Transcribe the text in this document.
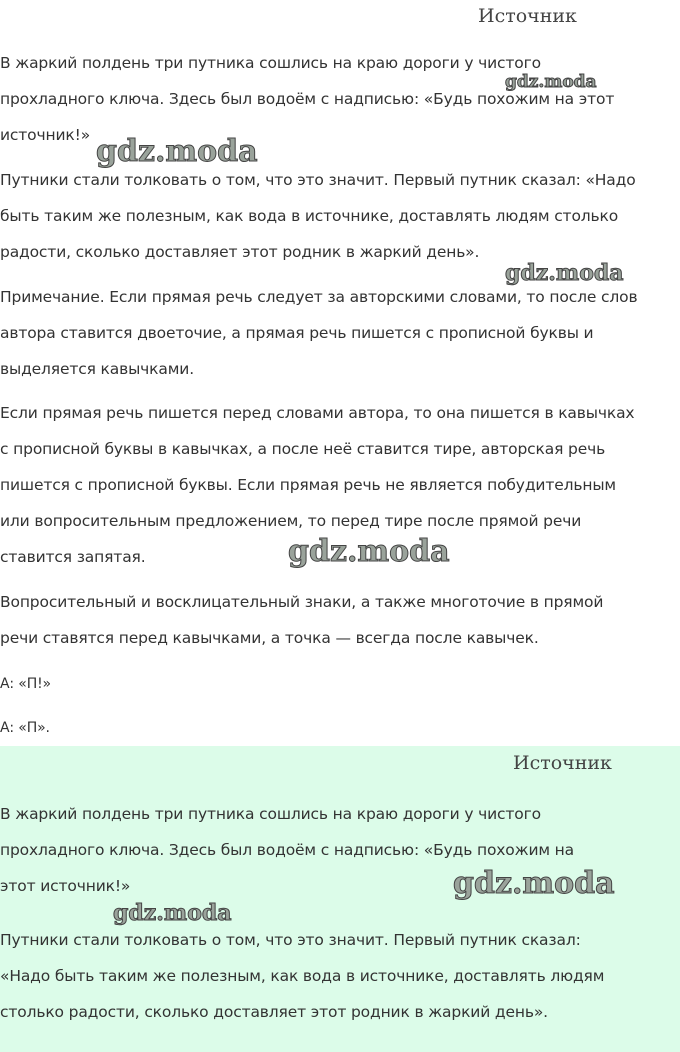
Источник

В жаркий полдень три путника сошлись на краю дороги у чистого
прохладного ключа. Здесь был водоём с надписью: «Будь похожим на этот
источник!»

Путники стали толковать о том, что это значит. Первый путник сказал: «Надо
быть таким же полезным, как вода в источнике, доставлять людям столько
радости, сколько доставляет этот родник в жаркий день».

Примечание. Если прямая речь следует за авторскими словами, то после слов
автора ставится двоеточие, а прямая речь пишется с прописной буквы и
выделяется кавычками.

Если прямая речь пишется перед словами автора, то она пишется в кавычках
с прописной буквы в кавычках, а после неё ставится тире, авторская речь
пишется с прописной буквы. Если прямая речь не является побудительным
или вопросительным предложением, то перед тире после прямой речи
ставится запятая.

Вопросительный и восклицательный знаки, а также многоточие в прямой
речи ставятся перед кавычками, а точка — всегда после кавычек.

А: «П!»

А: «П».

gdz.moda
gdz.moda
gdz.moda
gdz.moda
Источник

В жаркий полдень три путника сошлись на краю дороги у чистого
прохладного ключа. Здесь был водоём с надписью: «Будь похожим на
этот источник!»

Путники стали толковать о том, что это значит. Первый путник сказал:
«Надо быть таким же полезным, как вода в источнике, доставлять людям
столько радости, сколько доставляет этот родник в жаркий день».

gdz.moda
gdz.moda
